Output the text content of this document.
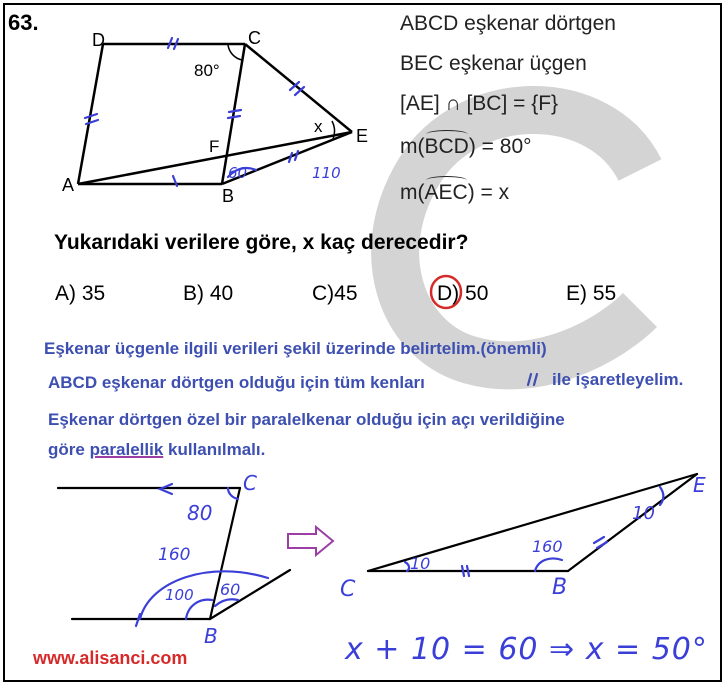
63.
D	C
80°
F
A
B
E
x
60	110
ABCD eşkenar dörtgen
BEC eşkenar üçgen
[AE] ∩ [BC] = {F}
m(BCD) = 80°
m(AEC) = x
Yukarıdaki verilere göre, x kaç derecedir?
A) 35	B) 40	C)45	D) 50	E) 55
Eşkenar üçgenle ilgili verileri şekil üzerinde belirtelim.(önemli)
ABCD eşkenar dörtgen olduğu için tüm kenları	ile işaretleyelim.
Eşkenar dörtgen özel bir paralelkenar olduğu için açı verildiğine
göre paralellik kullanılmalı.
80
C
160
100 60
B
C
10
160
B
E
10
x + 10 = 60 ⇒ x = 50°
www.alisanci.com
